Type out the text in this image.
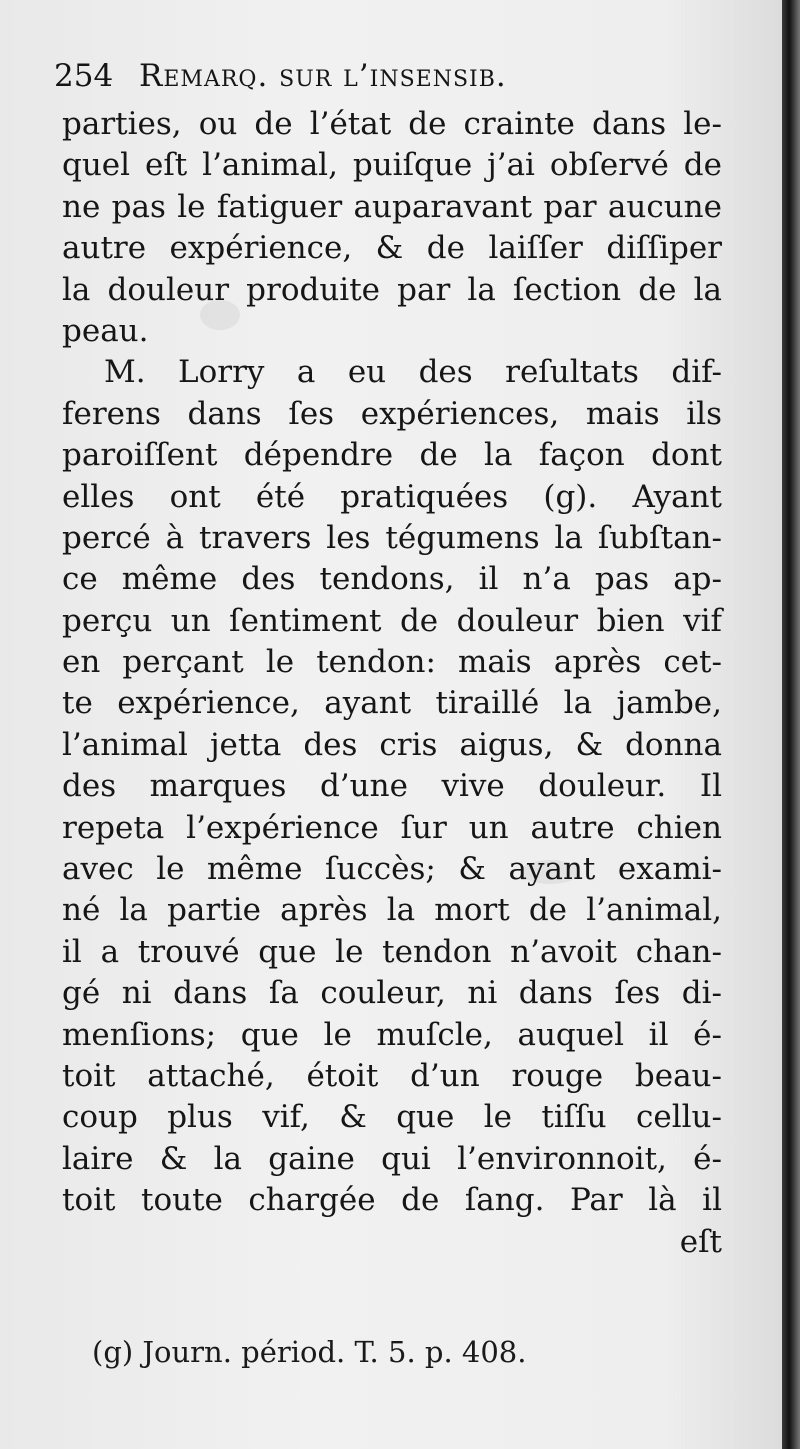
254 Remarq. sur l’insensib.
parties, ou de l’état de crainte dans le-
quel eſt l’animal, puiſque j’ai obſervé de
ne pas le fatiguer auparavant par aucune
autre expérience, & de laiſſer diſſiper
la douleur produite par la ſection de la
peau.
M. Lorry a eu des reſultats dif-
ferens dans ſes expériences, mais ils
paroiſſent dépendre de la façon dont
elles ont été pratiquées (g). Ayant
percé à travers les tégumens la ſubſtan-
ce même des tendons, il n’a pas ap-
perçu un ſentiment de douleur bien vif
en perçant le tendon: mais après cet-
te expérience, ayant tiraillé la jambe,
l’animal jetta des cris aigus, & donna
des marques d’une vive douleur. Il
repeta l’expérience ſur un autre chien
avec le même ſuccès; & ayant exami-
né la partie après la mort de l’animal,
il a trouvé que le tendon n’avoit chan-
gé ni dans ſa couleur, ni dans ſes di-
menſions; que le muſcle, auquel il é-
toit attaché, étoit d’un rouge beau-
coup plus vif, & que le tiſſu cellu-
laire & la gaine qui l’environnoit, é-
toit toute chargée de ſang. Par là il
eſt
(g) Journ. périod. T. 5. p. 408.
